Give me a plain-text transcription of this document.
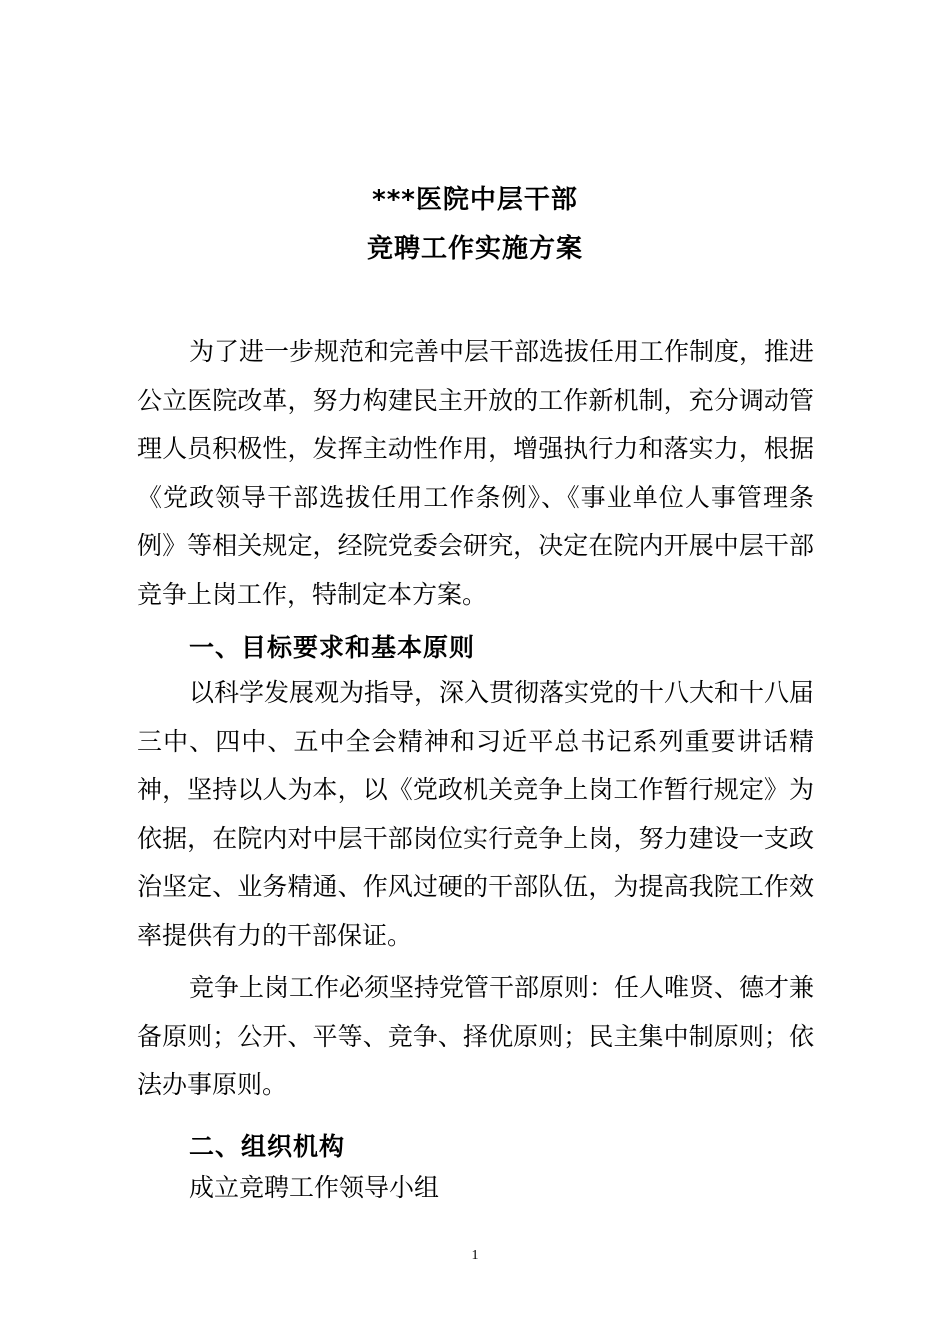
***医院中层干部
竞聘工作实施方案
为了进一步规范和完善中层干部选拔任用工作制度，推进公立医院改革，努力构建民主开放的工作新机制，充分调动管理人员积极性，发挥主动性作用，增强执行力和落实力，根据《党政领导干部选拔任用工作条例》、《事业单位人事管理条例》等相关规定，经院党委会研究，决定在院内开展中层干部竞争上岗工作，特制定本方案。
一、目标要求和基本原则
以科学发展观为指导，深入贯彻落实党的十八大和十八届三中、四中、五中全会精神和习近平总书记系列重要讲话精神，坚持以人为本，以《党政机关竞争上岗工作暂行规定》为依据，在院内对中层干部岗位实行竞争上岗，努力建设一支政治坚定、业务精通、作风过硬的干部队伍，为提高我院工作效率提供有力的干部保证。
竞争上岗工作必须坚持党管干部原则：任人唯贤、德才兼备原则；公开、平等、竞争、择优原则；民主集中制原则；依法办事原则。
二、组织机构
成立竞聘工作领导小组
1
